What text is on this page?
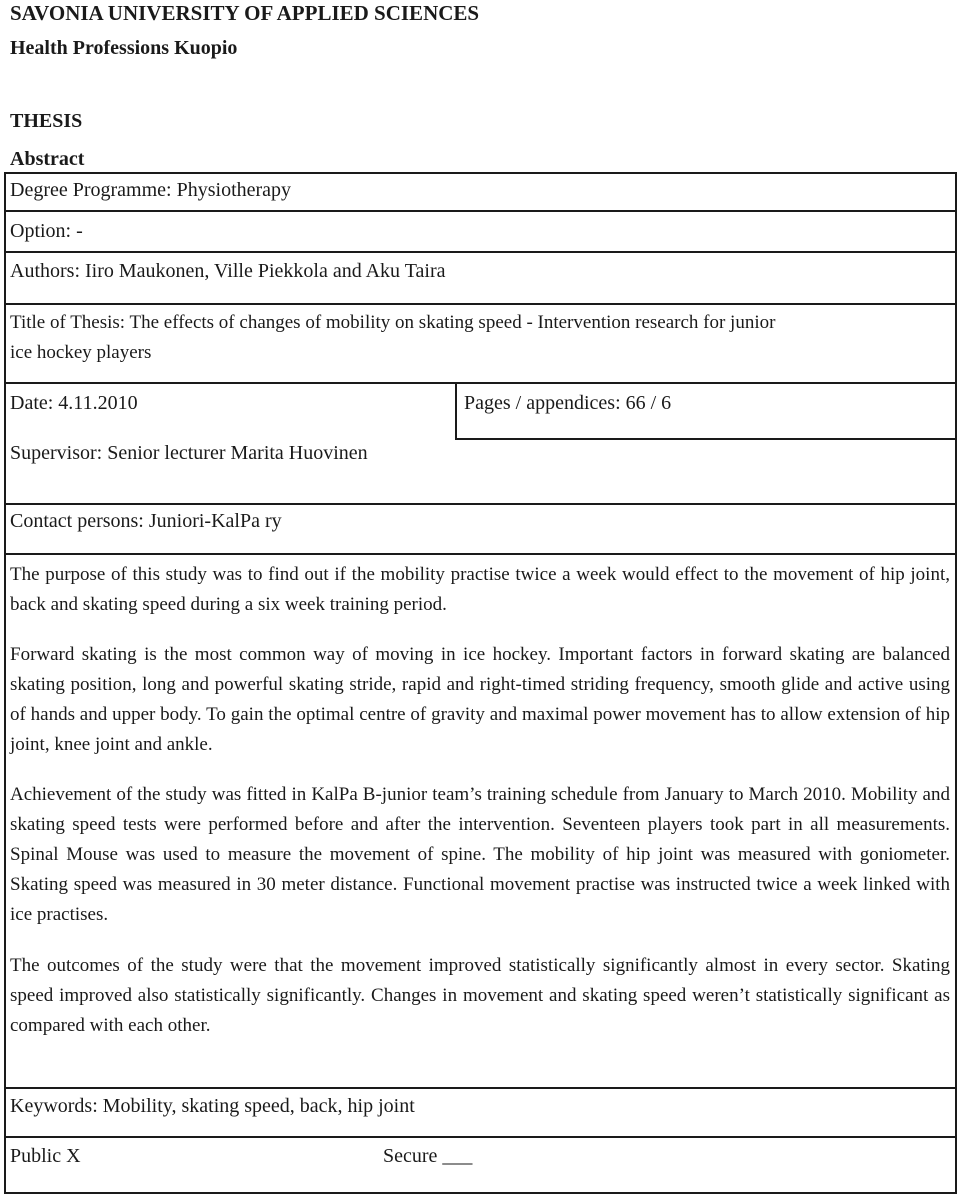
SAVONIA UNIVERSITY OF APPLIED SCIENCES
Health Professions Kuopio
THESIS
Abstract
Degree Programme: Physiotherapy
Option: -
Authors: Iiro Maukonen, Ville Piekkola and Aku Taira
Title of Thesis: The effects of changes of mobility on skating speed - Intervention research for junior
ice hockey players
Date: 4.11.2010	Pages / appendices: 66 / 6
Supervisor: Senior lecturer Marita Huovinen
Contact persons: Juniori-KalPa ry
The purpose of this study was to find out if the mobility practise twice a week would effect to the movement of hip joint, back and skating speed during a six week training period.
Forward skating is the most common way of moving in ice hockey. Important factors in forward skating are balanced skating position, long and powerful skating stride, rapid and right-timed striding frequency, smooth glide and active using of hands and upper body. To gain the optimal centre of gravity and maximal power movement has to allow extension of hip joint, knee joint and ankle.
Achievement of the study was fitted in KalPa B-junior team’s training schedule from January to March 2010. Mobility and skating speed tests were performed before and after the intervention. Seventeen players took part in all measurements. Spinal Mouse was used to measure the movement of spine. The mobility of hip joint was measured with goniometer. Skating speed was measured in 30 meter distance. Functional movement practise was instructed twice a week linked with ice practises.
The outcomes of the study were that the movement improved statistically significantly almost in every sector. Skating speed improved also statistically significantly. Changes in movement and skating speed weren’t statistically significant as compared with each other.
Keywords: Mobility, skating speed, back, hip joint
Public X	Secure ___
